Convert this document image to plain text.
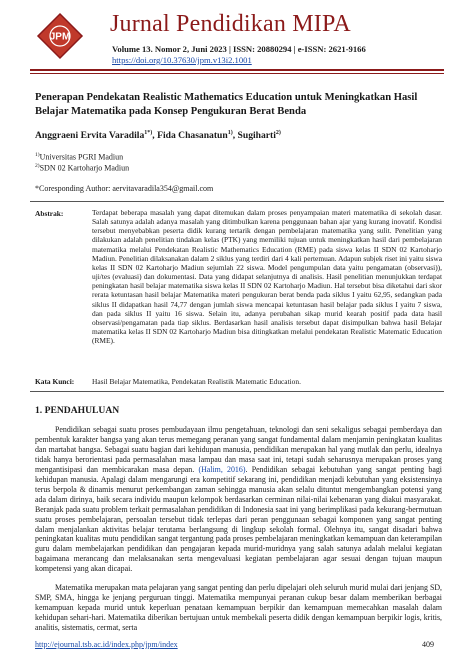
JPM Jurnal Pendidikan MIPA
Volume 13. Nomor 2, Juni 2023 | ISSN: 20880294 | e-ISSN: 2621-9166
https://doi.org/10.37630/jpm.v13i2.1001
Penerapan Pendekatan Realistic Mathematics Education untuk Meningkatkan Hasil Belajar Matematika pada Konsep Pengukuran Berat Benda
Anggraeni Ervita Varadila$^{1*)}$, Fida Chasanatun$^{1)}$, Sugiharti$^{2)}$
$^{1)}$Universitas PGRI Madiun
$^{2)}$SDN 02 Kartoharjo Madiun
*Coresponding Author: aervitavaradila354@gmail.com
Abstrak:	Terdapat beberapa masalah yang dapat ditemukan dalam proses penyampaian materi matematika di sekolah dasar. Salah satunya adalah adanya masalah yang ditimbulkan karena penggunaan bahan ajar yang kurang inovatif. Kondisi tersebut menyebabkan peserta didik kurang tertarik dengan pembelajaran matematika yang sulit. Penelitian yang dilakukan adalah penelitian tindakan kelas (PTK) yang memiliki tujuan untuk meningkatkan hasil dari pembelajaran matematika melalui Pendekatan Realistic Mathematics Education (RME) pada siswa kelas II SDN 02 Kartoharjo Madiun. Penelitian dilaksanakan dalam 2 siklus yang terdiri dari 4 kali pertemuan. Adapun subjek riset ini yaitu siswa kelas II SDN 02 Kartoharjo Madiun sejumlah 22 siswa. Model pengumpulan data yaitu pengamatan (observasi)), uji/tes (evaluasi) dan dokumentasi. Data yang didapat selanjutnya di analisis. Hasil penelitian menunjukkan terdapat peningkatan hasil belajar matematika siswa kelas II SDN 02 Kartoharjo Madiun. Hal tersebut bisa diketahui dari skor rerata ketuntasan hasil belajar Matematika materi pengukuran berat benda pada siklus I yaitu 62,95, sedangkan pada siklus II didapatkan hasil 74,77 dengan jumlah siswa mencapai ketuntasan hasil belajar pada siklus I yaitu 7 siswa, dan pada siklus II yaitu 16 siswa. Selain itu, adanya perubahan sikap murid kearah positif pada data hasil observasi/pengamatan pada tiap siklus. Berdasarkan hasil analisis tersebut dapat disimpulkan bahwa hasil Belajar matematika kelas II SDN 02 Kartoharjo Madiun bisa ditingkatkan melalui pendekatan Realistic Matematic Education (RME).
Kata Kunci: Hasil Belajar Matematika, Pendekatan Realistik Matematic Education.
1. PENDAHULUAN
Pendidikan sebagai suatu proses pembudayaan ilmu pengetahuan, teknologi dan seni sekaligus sebagai pemberdaya dan pembentuk karakter bangsa yang akan terus memegang peranan yang sangat fundamental dalam menjamin peningkatan kualitas dan martabat bangsa. Sebagai suatu bagian dari kehidupan manusia, pendidikan merupakan hal yang mutlak dan perlu, idealnya tidak hanya berorientasi pada permasalahan masa lampau dan masa saat ini, tetapi sudah seharusnya merupakan proses yang mengantisipasi dan membicarakan masa depan. (Halim, 2016). Pendidikan sebagai kebutuhan yang sangat penting bagi kehidupan manusia. Apalagi dalam mengarungi era kompetitif sekarang ini, pendidikan menjadi kebutuhan yang eksistensinya terus berpola & dinamis menurut perkembangan zaman sehingga manusia akan selalu dituntut mengembangkan potensi yang ada dalam dirinya, baik secara individu maupun kelompok berdasarkan cerminan nilai-nilai kebenaran yang diakui masyarakat. Beranjak pada suatu problem terkait permasalahan pendidikan di Indonesia saat ini yang berimplikasi pada kekurang-bermutuan suatu proses pembelajaran, persoalan tersebut tidak terlepas dari peran penggunaan sebagai komponen yang sangat penting dalam menjalankan aktivitas belajar terutama berlangsung di lingkup sekolah formal. Olehnya itu, sangat disadari bahwa peningkatan kualitas mutu pendidikan sangat tergantung pada proses pembelajaran meningkatkan kemampuan dan keterampilan guru dalam membelajarkan pendidikan dan pengajaran kepada murid-muridnya yang salah satunya adalah melalui kegiatan bagaimana merancang dan melaksanakan serta mengevaluasi kegiatan pembelajaran agar sesuai dengan tujuan maupun kompetensi yang akan dicapai.
Matematika merupakan mata pelajaran yang sangat penting dan perlu dipelajari oleh seluruh murid mulai dari jenjang SD, SMP, SMA, hingga ke jenjang perguruan tinggi. Matematika mempunyai peranan cukup besar dalam memberikan berbagai kemampuan kepada murid untuk keperluan penataan kemampuan berpikir dan kemampuan memecahkan masalah dalam kehidupan sehari-hari. Matematika diberikan bertujuan untuk membekali peserta didik dengan kemampuan berpikir logis, kritis, analitis, sistematis, cermat, serta
http://ejournal.tsb.ac.id/index.php/jpm/index	409
